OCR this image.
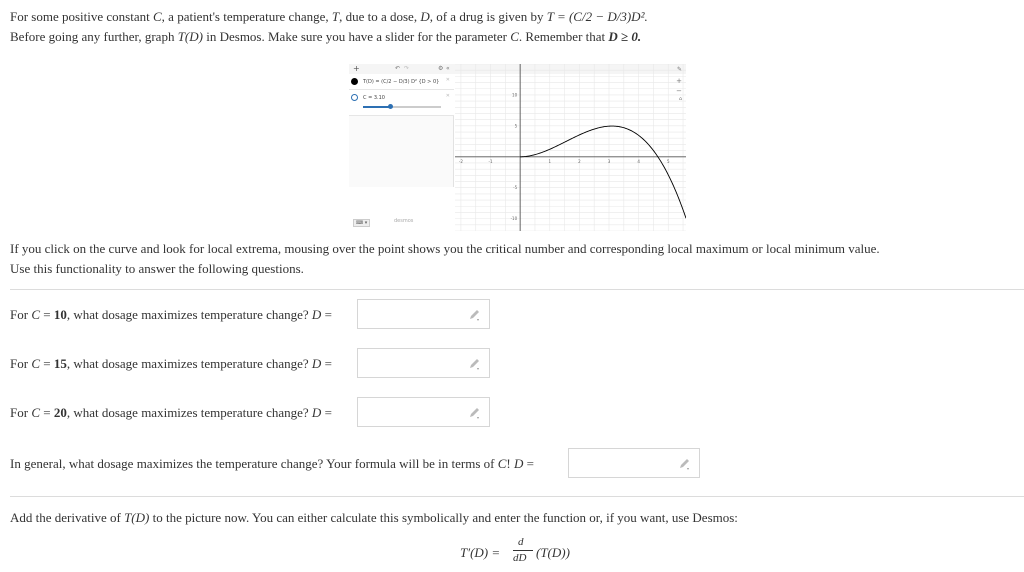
For some positive constant C, a patient's temperature change, T, due to a dose, D, of a drug is given by T = (C/2 − D/3)D².
Before going any further, graph T(D) in Desmos. Make sure you have a slider for the parameter C. Remember that D ≥ 0.
+	↶ ↷	⚙ «
T(D) = (C/2 − D/3) D² {D > 0} ✕
C = 3.10	✕
⌨ ▾	desmos
-2	-1	1	2	3	4	5
10
5
-5
-10
✎
+
−
⌂
If you click on the curve and look for local extrema, mousing over the point shows you the critical number and corresponding local maximum or local minimum value.
Use this functionality to answer the following questions.
For C = 10, what dosage maximizes temperature change? D =
For C = 15, what dosage maximizes temperature change? D =
For C = 20, what dosage maximizes temperature change? D =
In general, what dosage maximizes the temperature change? Your formula will be in terms of C! D =
Add the derivative of T(D) to the picture now. You can either calculate this symbolically and enter the function or, if you want, use Desmos:
T′(D) =
d
dD (T(D))
